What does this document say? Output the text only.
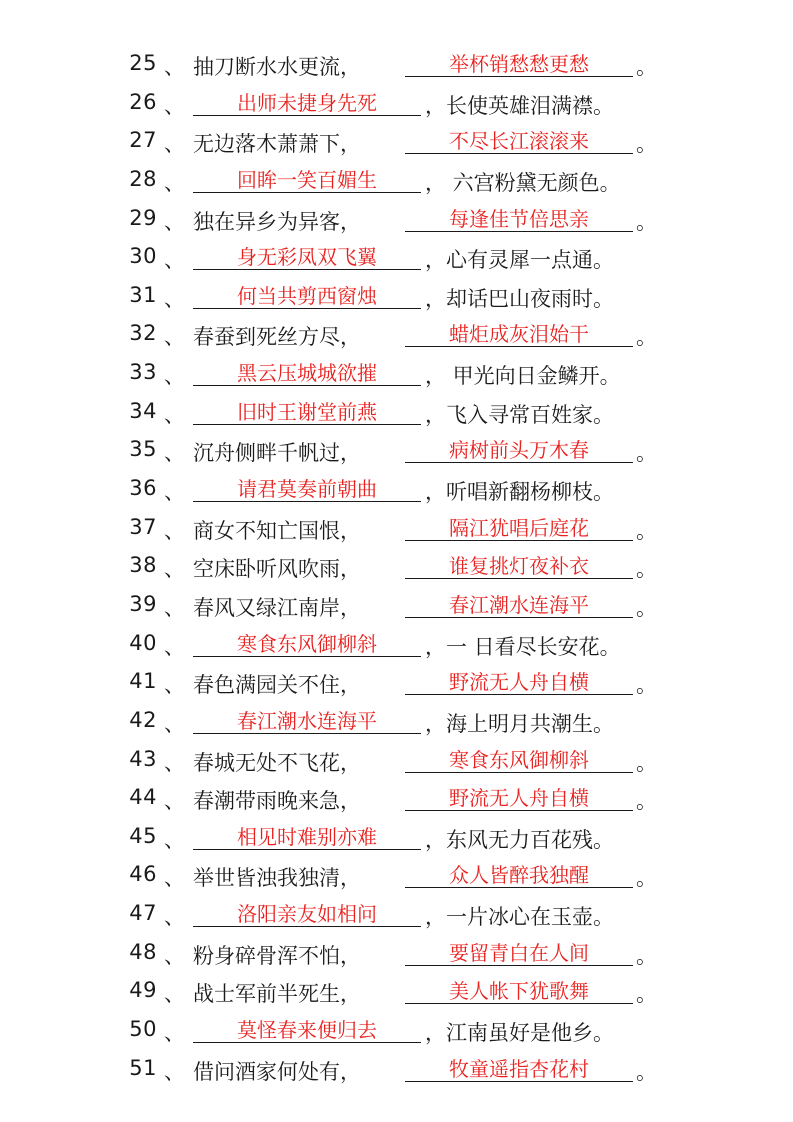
25 、 抽刀断水水更流，	举杯销愁愁更愁	。
26 、	出师未捷身先死	，长使英雄泪满襟。
27 、 无边落木萧萧下，	不尽长江滚滚来	。
28 、	回眸一笑百媚生	， 六宫粉黛无颜色。
29 、 独在异乡为异客，	每逢佳节倍思亲	。
30 、	身无彩凤双飞翼	，心有灵犀一点通。
31 、	何当共剪西窗烛	，却话巴山夜雨时。
32 、 春蚕到死丝方尽，	蜡炬成灰泪始干	。
33 、	黑云压城城欲摧	， 甲光向日金鳞开。
34 、	旧时王谢堂前燕	，飞入寻常百姓家。
35 、 沉舟侧畔千帆过，	病树前头万木春	。
36 、	请君莫奏前朝曲	，听唱新翻杨柳枝。
37 、 商女不知亡国恨，	隔江犹唱后庭花	。
38 、 空床卧听风吹雨，	谁复挑灯夜补衣	。
39 、 春风又绿江南岸，	春江潮水连海平	。
40 、	寒食东风御柳斜	，一 日看尽长安花。
41 、 春色满园关不住，	野流无人舟自横	。
42 、	春江潮水连海平	，海上明月共潮生。
43 、 春城无处不飞花，	寒食东风御柳斜	。
44 、 春潮带雨晚来急，	野流无人舟自横	。
45 、	相见时难别亦难	，东风无力百花残。
46 、 举世皆浊我独清，	众人皆醉我独醒	。
47 、	洛阳亲友如相问	，一片冰心在玉壶。
48 、 粉身碎骨浑不怕，	要留青白在人间	。
49 、 战士军前半死生，	美人帐下犹歌舞	。
50 、	莫怪春来便归去	，江南虽好是他乡。
51 、 借问酒家何处有，	牧童遥指杏花村	。
